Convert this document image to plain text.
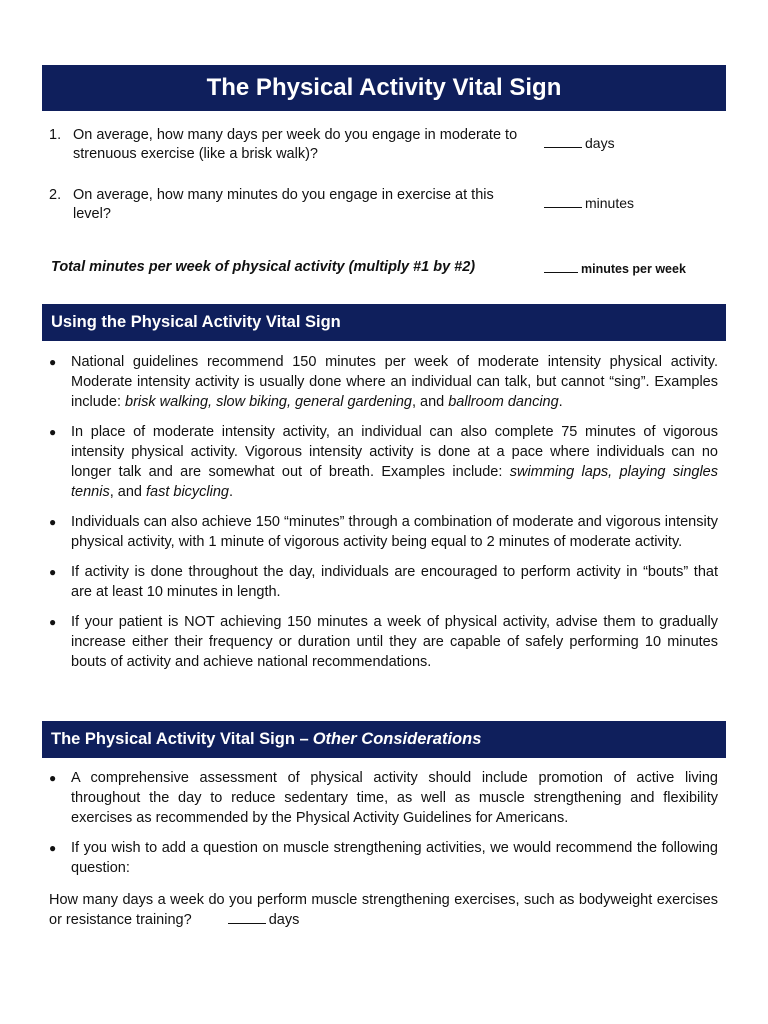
The Physical Activity Vital Sign
1. On average, how many days per week do you engage in moderate to strenuous exercise (like a brisk walk)?
days
2. On average, how many minutes do you engage in exercise at this level?
minutes
Total minutes per week of physical activity (multiply #1 by #2)	minutes per week
Using the Physical Activity Vital Sign
●	National guidelines recommend 150 minutes per week of moderate intensity physical activity. Moderate intensity activity is usually done where an individual can talk, but cannot “sing”. Examples include: brisk walking, slow biking, general gardening, and ballroom dancing.
●	In place of moderate intensity activity, an individual can also complete 75 minutes of vigorous intensity physical activity. Vigorous intensity activity is done at a pace where individuals can no longer talk and are somewhat out of breath. Examples include: swimming laps, playing singles tennis, and fast bicycling.
●	Individuals can also achieve 150 “minutes” through a combination of moderate and vigorous intensity physical activity, with 1 minute of vigorous activity being equal to 2 minutes of moderate activity.
●	If activity is done throughout the day, individuals are encouraged to perform activity in “bouts” that are at least 10 minutes in length.
●	If your patient is NOT achieving 150 minutes a week of physical activity, advise them to gradually increase either their frequency or duration until they are capable of safely performing 10 minutes bouts of activity and achieve national recommendations.
The Physical Activity Vital Sign – Other Considerations
●	A comprehensive assessment of physical activity should include promotion of active living throughout the day to reduce sedentary time, as well as muscle strengthening and flexibility exercises as recommended by the Physical Activity Guidelines for Americans.
●	If you wish to add a question on muscle strengthening activities, we would recommend the following question:
How many days a week do you perform muscle strengthening exercises, such as bodyweight exercises or resistance training?	days
